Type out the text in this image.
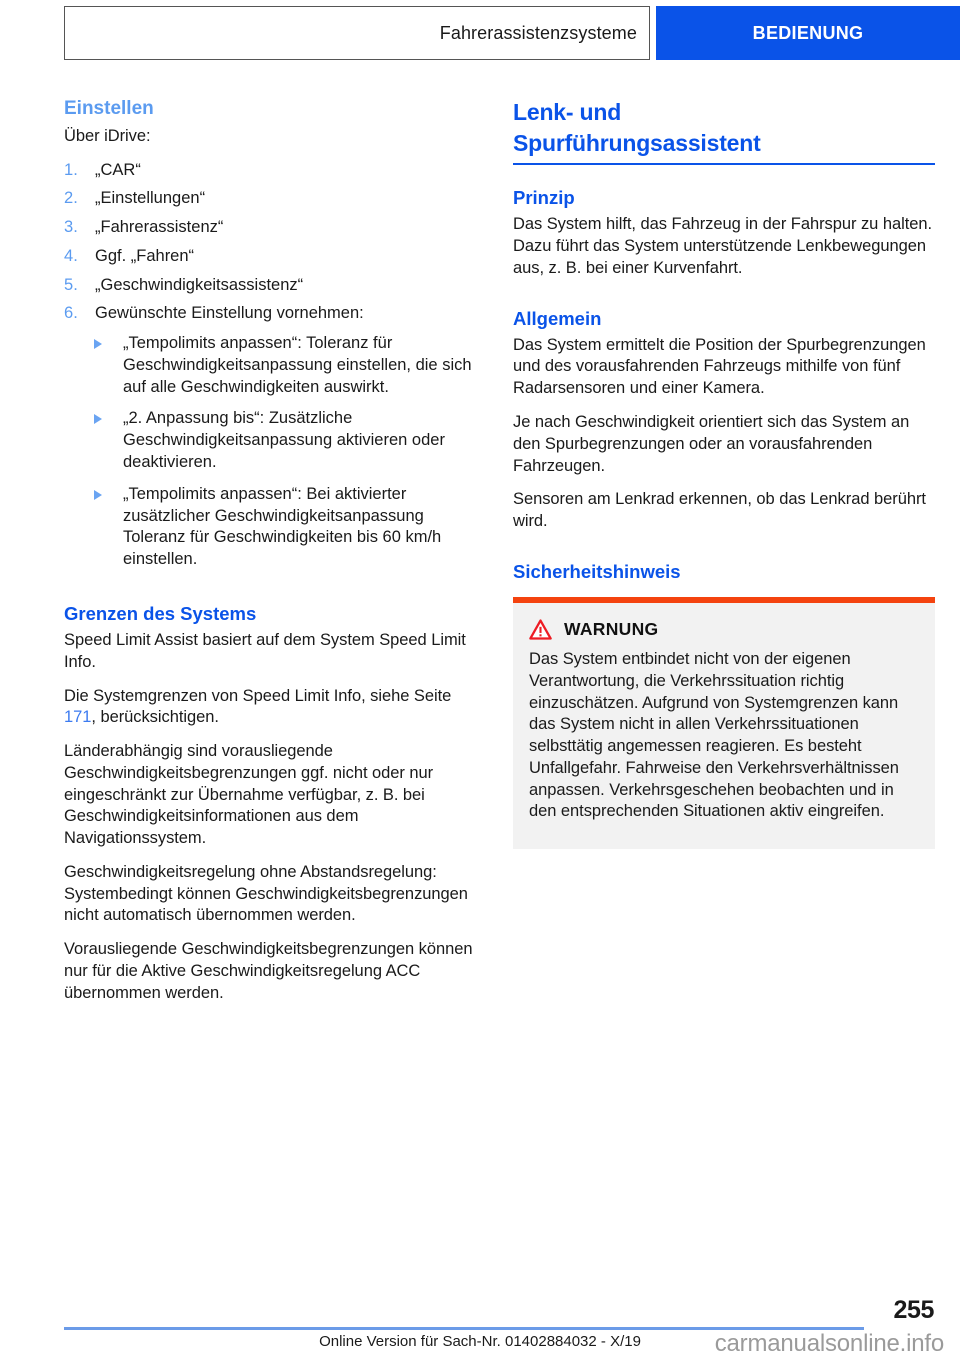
Fahrerassistenzsysteme	BEDIENUNG
Einstellen

Über iDrive:

„CAR“
„Einstellungen“
„Fahrerassistenz“
Ggf. „Fahren“
„Geschwindigkeitsassistenz“
Gewünschte Einstellung vornehmen:
„Tempolimits anpassen“: Toleranz für Geschwindigkeitsanpassung einstellen, die sich auf alle Geschwindigkeiten auswirkt.
„2. Anpassung bis“: Zusätzliche Geschwindigkeitsanpassung aktivieren oder deaktivieren.
„Tempolimits anpassen“: Bei aktivierter zusätzlicher Geschwindigkeitsanpassung Toleranz für Geschwindigkeiten bis 60 km/h einstellen.
Grenzen des Systems

Speed Limit Assist basiert auf dem System Speed Limit Info.

Die Systemgrenzen von Speed Limit Info, siehe Seite 171, berücksichtigen.

Länderabhängig sind vorausliegende Geschwindigkeitsbegrenzungen ggf. nicht oder nur eingeschränkt zur Übernahme verfügbar, z. B. bei Geschwindigkeitsinformationen aus dem Navigationssystem.

Geschwindigkeitsregelung ohne Abstandsregelung: Systembedingt können Geschwindigkeitsbegrenzungen nicht automatisch übernommen werden.

Vorausliegende Geschwindigkeitsbegrenzungen können nur für die Aktive Geschwindigkeitsregelung ACC übernommen werden.

Lenk- und
Spurführungsassistent
Prinzip

Das System hilft, das Fahrzeug in der Fahrspur zu halten. Dazu führt das System unterstützende Lenkbewegungen aus, z. B. bei einer Kurvenfahrt.

Allgemein

Das System ermittelt die Position der Spurbegrenzungen und des vorausfahrenden Fahrzeugs mithilfe von fünf Radarsensoren und einer Kamera.

Je nach Geschwindigkeit orientiert sich das System an den Spurbegrenzungen oder an vorausfahrenden Fahrzeugen.

Sensoren am Lenkrad erkennen, ob das Lenkrad berührt wird.

Sicherheitshinweis
WARNUNG

Das System entbindet nicht von der eigenen Verantwortung, die Verkehrssituation richtig einzuschätzen. Aufgrund von Systemgrenzen kann das System nicht in allen Verkehrssituationen selbsttätig angemessen reagieren. Es besteht Unfallgefahr. Fahrweise den Verkehrsverhältnissen anpassen. Verkehrsgeschehen beobachten und in den entsprechenden Situationen aktiv eingreifen.

255
Online Version für Sach-Nr. 01402884032 - X/19	carmanualsonline.info
